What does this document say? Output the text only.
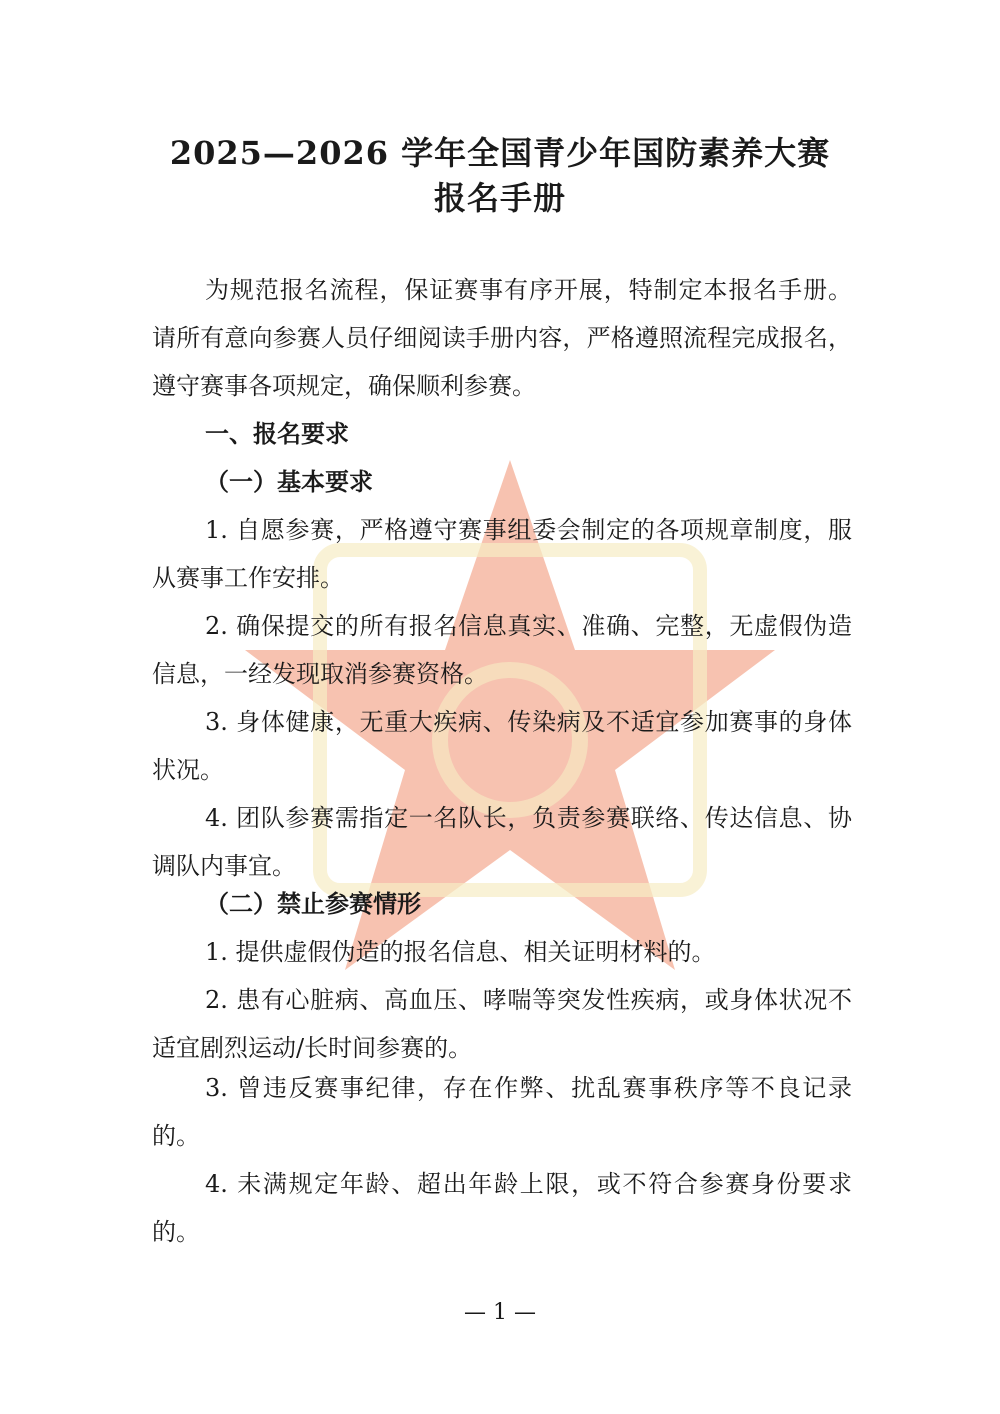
2025—2026 学年全国青少年国防素养大赛
报名手册
为规范报名流程，保证赛事有序开展，特制定本报名手册。请所有意向参赛人员仔细阅读手册内容，严格遵照流程完成报名，遵守赛事各项规定，确保顺利参赛。
一、报名要求
（一）基本要求
1. 自愿参赛，严格遵守赛事组委会制定的各项规章制度，服从赛事工作安排。
2. 确保提交的所有报名信息真实、准确、完整，无虚假伪造信息，一经发现取消参赛资格。
3. 身体健康，无重大疾病、传染病及不适宜参加赛事的身体状况。
4. 团队参赛需指定一名队长，负责参赛联络、传达信息、协调队内事宜。
（二）禁止参赛情形
1. 提供虚假伪造的报名信息、相关证明材料的。
2. 患有心脏病、高血压、哮喘等突发性疾病，或身体状况不适宜剧烈运动/长时间参赛的。
3. 曾违反赛事纪律，存在作弊、扰乱赛事秩序等不良记录的。
4. 未满规定年龄、超出年龄上限，或不符合参赛身份要求的。
— 1 —
